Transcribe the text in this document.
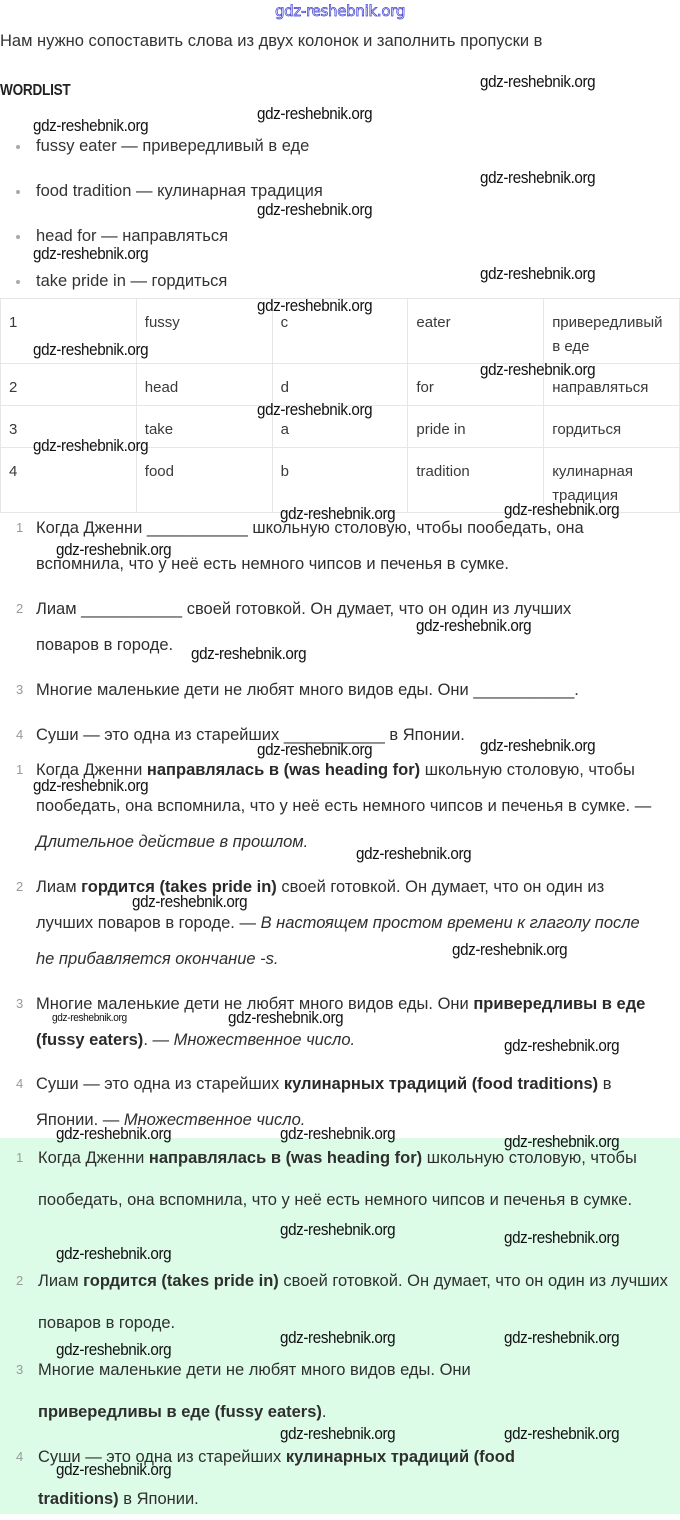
gdz-reshebnik.org
Нам нужно сопоставить слова из двух колонок и заполнить пропуски в
WORDLIST
fussy eater — привередливый в еде
food tradition — кулинарная традиция
head for — направляться
take pride in — гордиться
1	fussy	c	eater	привередливый в еде
2	head	d	for	направляться
3	take	a	pride in	гордиться
4	food	b	tradition	кулинарная традиция
1 Когда Дженни ___________ школьную столовую, чтобы пообедать, она вспомнила, что у неё есть немного чипсов и печенья в сумке.
2 Лиам ___________ своей готовкой. Он думает, что он один из лучших поваров в городе.
3 Многие маленькие дети не любят много видов еды. Они ___________.
4 Суши — это одна из старейших ___________ в Японии.
1 Когда Дженни направлялась в (was heading for) школьную столовую, чтобы пообедать, она вспомнила, что у неё есть немного чипсов и печенья в сумке. — Длительное действие в прошлом.
2 Лиам гордится (takes pride in) своей готовкой. Он думает, что он один из лучших поваров в городе. — В настоящем простом времени к глаголу после he прибавляется окончание -s.
3 Многие маленькие дети не любят много видов еды. Они привередливы в еде (fussy eaters). — Множественное число.
4 Суши — это одна из старейших кулинарных традиций (food traditions) в Японии. — Множественное число.
1 Когда Дженни направлялась в (was heading for) школьную столовую, чтобы пообедать, она вспомнила, что у неё есть немного чипсов и печенья в сумке.
2 Лиам гордится (takes pride in) своей готовкой. Он думает, что он один из лучших поваров в городе.
3 Многие маленькие дети не любят много видов еды. Они привередливы в еде (fussy eaters).
4 Суши — это одна из старейших кулинарных традиций (food traditions) в Японии.
gdz-reshebnik.org
gdz-reshebnik.org
gdz-reshebnik.org
gdz-reshebnik.org
gdz-reshebnik.org
gdz-reshebnik.org
gdz-reshebnik.org
gdz-reshebnik.org
gdz-reshebnik.org
gdz-reshebnik.org
gdz-reshebnik.org
gdz-reshebnik.org
gdz-reshebnik.org	gdz-reshebnik.org
gdz-reshebnik.org
gdz-reshebnik.org
gdz-reshebnik.org
gdz-reshebnik.org	gdz-reshebnik.org
gdz-reshebnik.org
gdz-reshebnik.org
gdz-reshebnik.org
gdz-reshebnik.org
gdz-reshebnik.org	gdz-reshebnik.org
gdz-reshebnik.org
gdz-reshebnik.org	gdz-reshebnik.org	gdz-reshebnik.org
gdz-reshebnik.org	gdz-reshebnik.org
gdz-reshebnik.org
gdz-reshebnik.org	gdz-reshebnik.org
gdz-reshebnik.org
gdz-reshebnik.org	gdz-reshebnik.org
gdz-reshebnik.org
